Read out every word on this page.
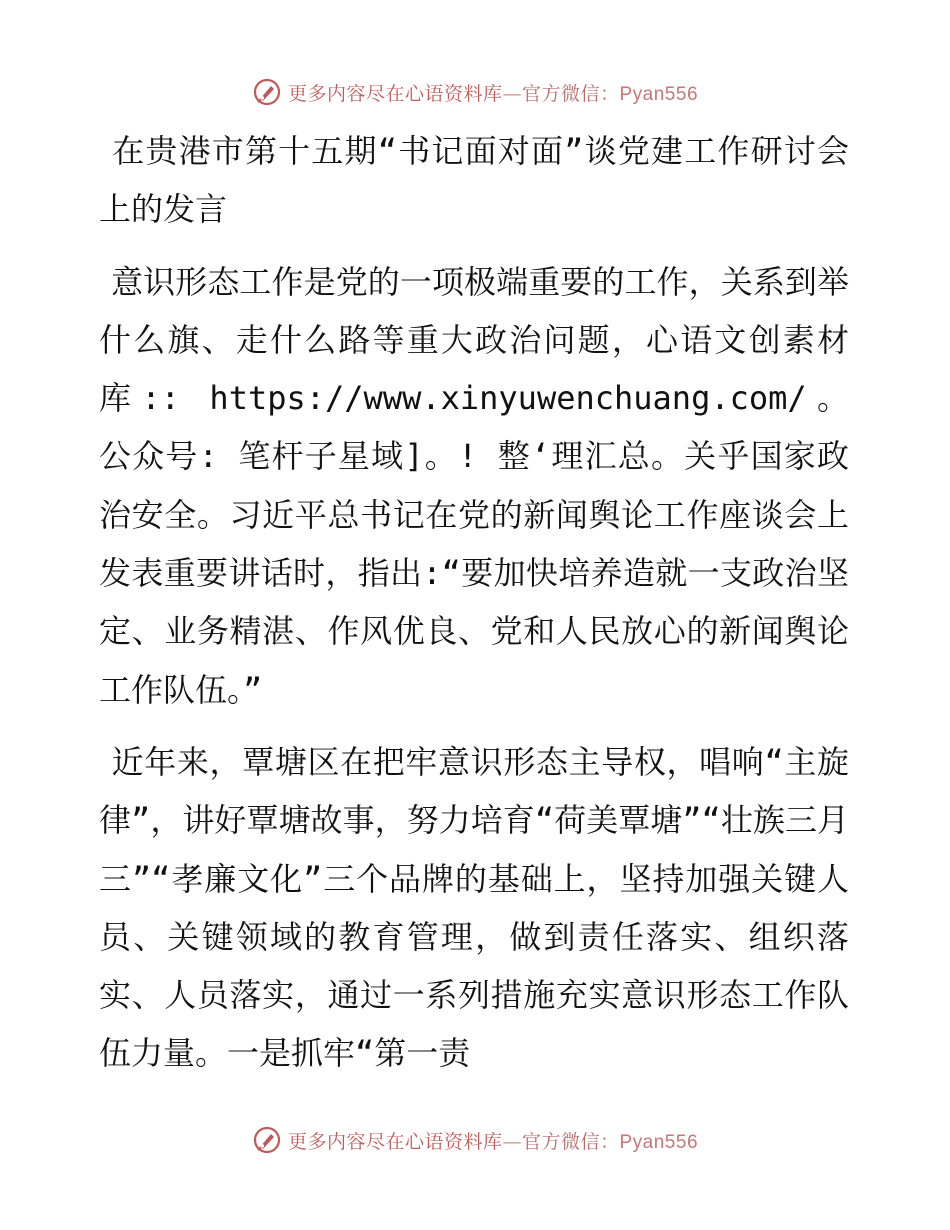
更多内容尽在心语资料库—官方微信：Pyan556

在贵港市第十五期“书记面对面”谈党建工作研讨会上的发言

意识形态工作是党的一项极端重要的工作，关系到举什么旗、走什么路等重大政治问题，心语文创素材库:: https://www.xinyuwenchuang.com/。公众号: 笔杆子星域]。! 整‘理汇总。关乎国家政治安全。习近平总书记在党的新闻舆论工作座谈会上发表重要讲话时，指出:“要加快培养造就一支政治坚定、业务精湛、作风优良、党和人民放心的新闻舆论工作队伍。”

近年来，覃塘区在把牢意识形态主导权，唱响“主旋律”，讲好覃塘故事，努力培育“荷美覃塘”“壮族三月三”“孝廉文化”三个品牌的基础上，坚持加强关键人员、关键领域的教育管理，做到责任落实、组织落实、人员落实，通过一系列措施充实意识形态工作队伍力量。一是抓牢“第一责

更多内容尽在心语资料库—官方微信：Pyan556
